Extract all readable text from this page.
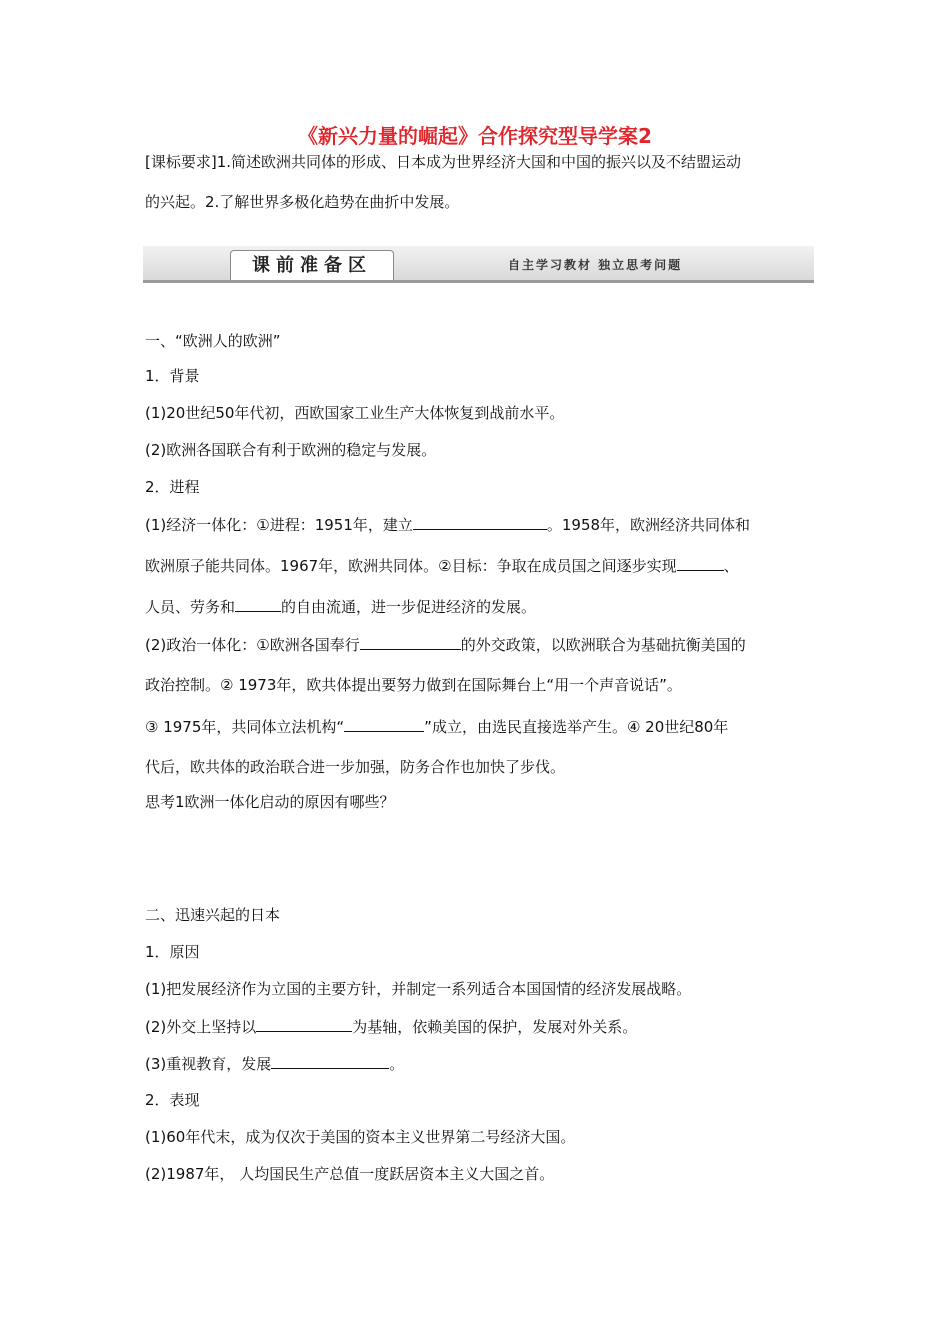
《新兴力量的崛起》合作探究型导学案2
[课标要求]1.简述欧洲共同体的形成、日本成为世界经济大国和中国的振兴以及不结盟运动
的兴起。2.了解世界多极化趋势在曲折中发展。
课前准备区	自主学习教材 独立思考问题
一、“欧洲人的欧洲”
1．背景
(1)20世纪50年代初，西欧国家工业生产大体恢复到战前水平。
(2)欧洲各国联合有利于欧洲的稳定与发展。
2．进程
(1)经济一体化：①进程：1951年，建立	。1958年，欧洲经济共同体和
欧洲原子能共同体。1967年，欧洲共同体。②目标：争取在成员国之间逐步实现	、
人员、劳务和	的自由流通，进一步促进经济的发展。
(2)政治一体化：①欧洲各国奉行	的外交政策，以欧洲联合为基础抗衡美国的
政治控制。② 1973年，欧共体提出要努力做到在国际舞台上“用一个声音说话”。
③ 1975年，共同体立法机构“	”成立，由选民直接选举产生。④ 20世纪80年
代后，欧共体的政治联合进一步加强，防务合作也加快了步伐。
思考1欧洲一体化启动的原因有哪些？
二、迅速兴起的日本
1．原因
(1)把发展经济作为立国的主要方针，并制定一系列适合本国国情的经济发展战略。
(2)外交上坚持以	为基轴，依赖美国的保护，发展对外关系。
(3)重视教育，发展	。
2．表现
(1)60年代末，成为仅次于美国的资本主义世界第二号经济大国。
(2)1987年， 人均国民生产总值一度跃居资本主义大国之首。
